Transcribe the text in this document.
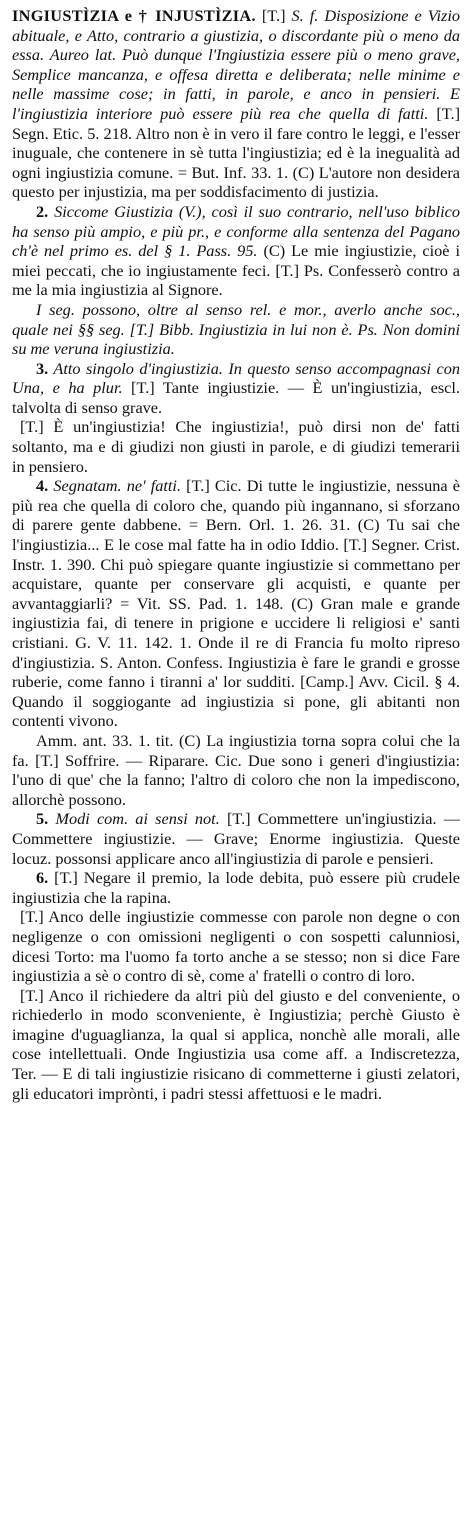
INGIUSTÌZIA e † INJUSTÌZIA. [T.] S. f. Disposizione e Vizio abituale, e Atto, contrario a giustizia, o discordante più o meno da essa. Aureo lat. Può dunque l'Ingiustizia essere più o meno grave, Semplice mancanza, e offesa diretta e deliberata; nelle minime e nelle massime cose; in fatti, in parole, e anco in pensieri. E l'ingiustizia interiore può essere più rea che quella di fatti. [T.] Segn. Etic. 5. 218. Altro non è in vero il fare contro le leggi, e l'esser inuguale, che contenere in sè tutta l'ingiustizia; ed è la inegualità ad ogni ingiustizia comune. = But. Inf. 33. 1. (C) L'autore non desidera questo per injustizia, ma per soddisfacimento di justizia.

2. Siccome Giustizia (V.), così il suo contrario, nell'uso biblico ha senso più ampio, e più pr., e conforme alla sentenza del Pagano ch'è nel primo es. del § 1. Pass. 95. (C) Le mie ingiustizie, cioè i miei peccati, che io ingiustamente feci. [T.] Ps. Confesserò contro a me la mia ingiustizia al Signore.

I seg. possono, oltre al senso rel. e mor., averlo anche soc., quale nei §§ seg. [T.] Bibb. Ingiustizia in lui non è. Ps. Non domini su me veruna ingiustizia.

3. Atto singolo d'ingiustizia. In questo senso accompagnasi con Una, e ha plur. [T.] Tante ingiustizie. — È un'ingiustizia, escl. talvolta di senso grave.

[T.] È un'ingiustizia! Che ingiustizia!, può dirsi non de' fatti soltanto, ma e di giudizi non giusti in parole, e di giudizi temerarii in pensiero.

4. Segnatam. ne' fatti. [T.] Cic. Di tutte le ingiustizie, nessuna è più rea che quella di coloro che, quando più ingannano, si sforzano di parere gente dabbene. = Bern. Orl. 1. 26. 31. (C) Tu sai che l'ingiustizia... E le cose mal fatte ha in odio Iddio. [T.] Segner. Crist. Instr. 1. 390. Chi può spiegare quante ingiustizie si commettano per acquistare, quante per conservare gli acquisti, e quante per avvantaggiarli? = Vit. SS. Pad. 1. 148. (C) Gran male e grande ingiustizia fai, di tenere in prigione e uccidere li religiosi e' santi cristiani. G. V. 11. 142. 1. Onde il re di Francia fu molto ripreso d'ingiustizia. S. Anton. Confess. Ingiustizia è fare le grandi e grosse ruberie, come fanno i tiranni a' lor sudditi. [Camp.] Avv. Cicil. § 4. Quando il soggiogante ad ingiustizia si pone, gli abitanti non contenti vivono.

Amm. ant. 33. 1. tit. (C) La ingiustizia torna sopra colui che la fa. [T.] Soffrire. — Riparare. Cic. Due sono i generi d'ingiustizia: l'uno di que' che la fanno; l'altro di coloro che non la impediscono, allorchè possono.

5. Modi com. ai sensi not. [T.] Commettere un'ingiustizia. — Commettere ingiustizie. — Grave; Enorme ingiustizia. Queste locuz. possonsi applicare anco all'ingiustizia di parole e pensieri.

6. [T.] Negare il premio, la lode debita, può essere più crudele ingiustizia che la rapina.

[T.] Anco delle ingiustizie commesse con parole non degne o con negligenze o con omissioni negligenti o con sospetti calunniosi, dicesi Torto: ma l'uomo fa torto anche a se stesso; non si dice Fare ingiustizia a sè o contro di sè, come a' fratelli o contro di loro.

[T.] Anco il richiedere da altri più del giusto e del conveniente, o richiederlo in modo sconveniente, è Ingiustizia; perchè Giusto è imagine d'uguaglianza, la qual si applica, nonchè alle morali, alle cose intellettuali. Onde Ingiustizia usa come aff. a Indiscretezza, Ter. — E di tali ingiustizie risicano di commetterne i giusti zelatori, gli educatori imprònti, i padri stessi affettuosi e le madri.
